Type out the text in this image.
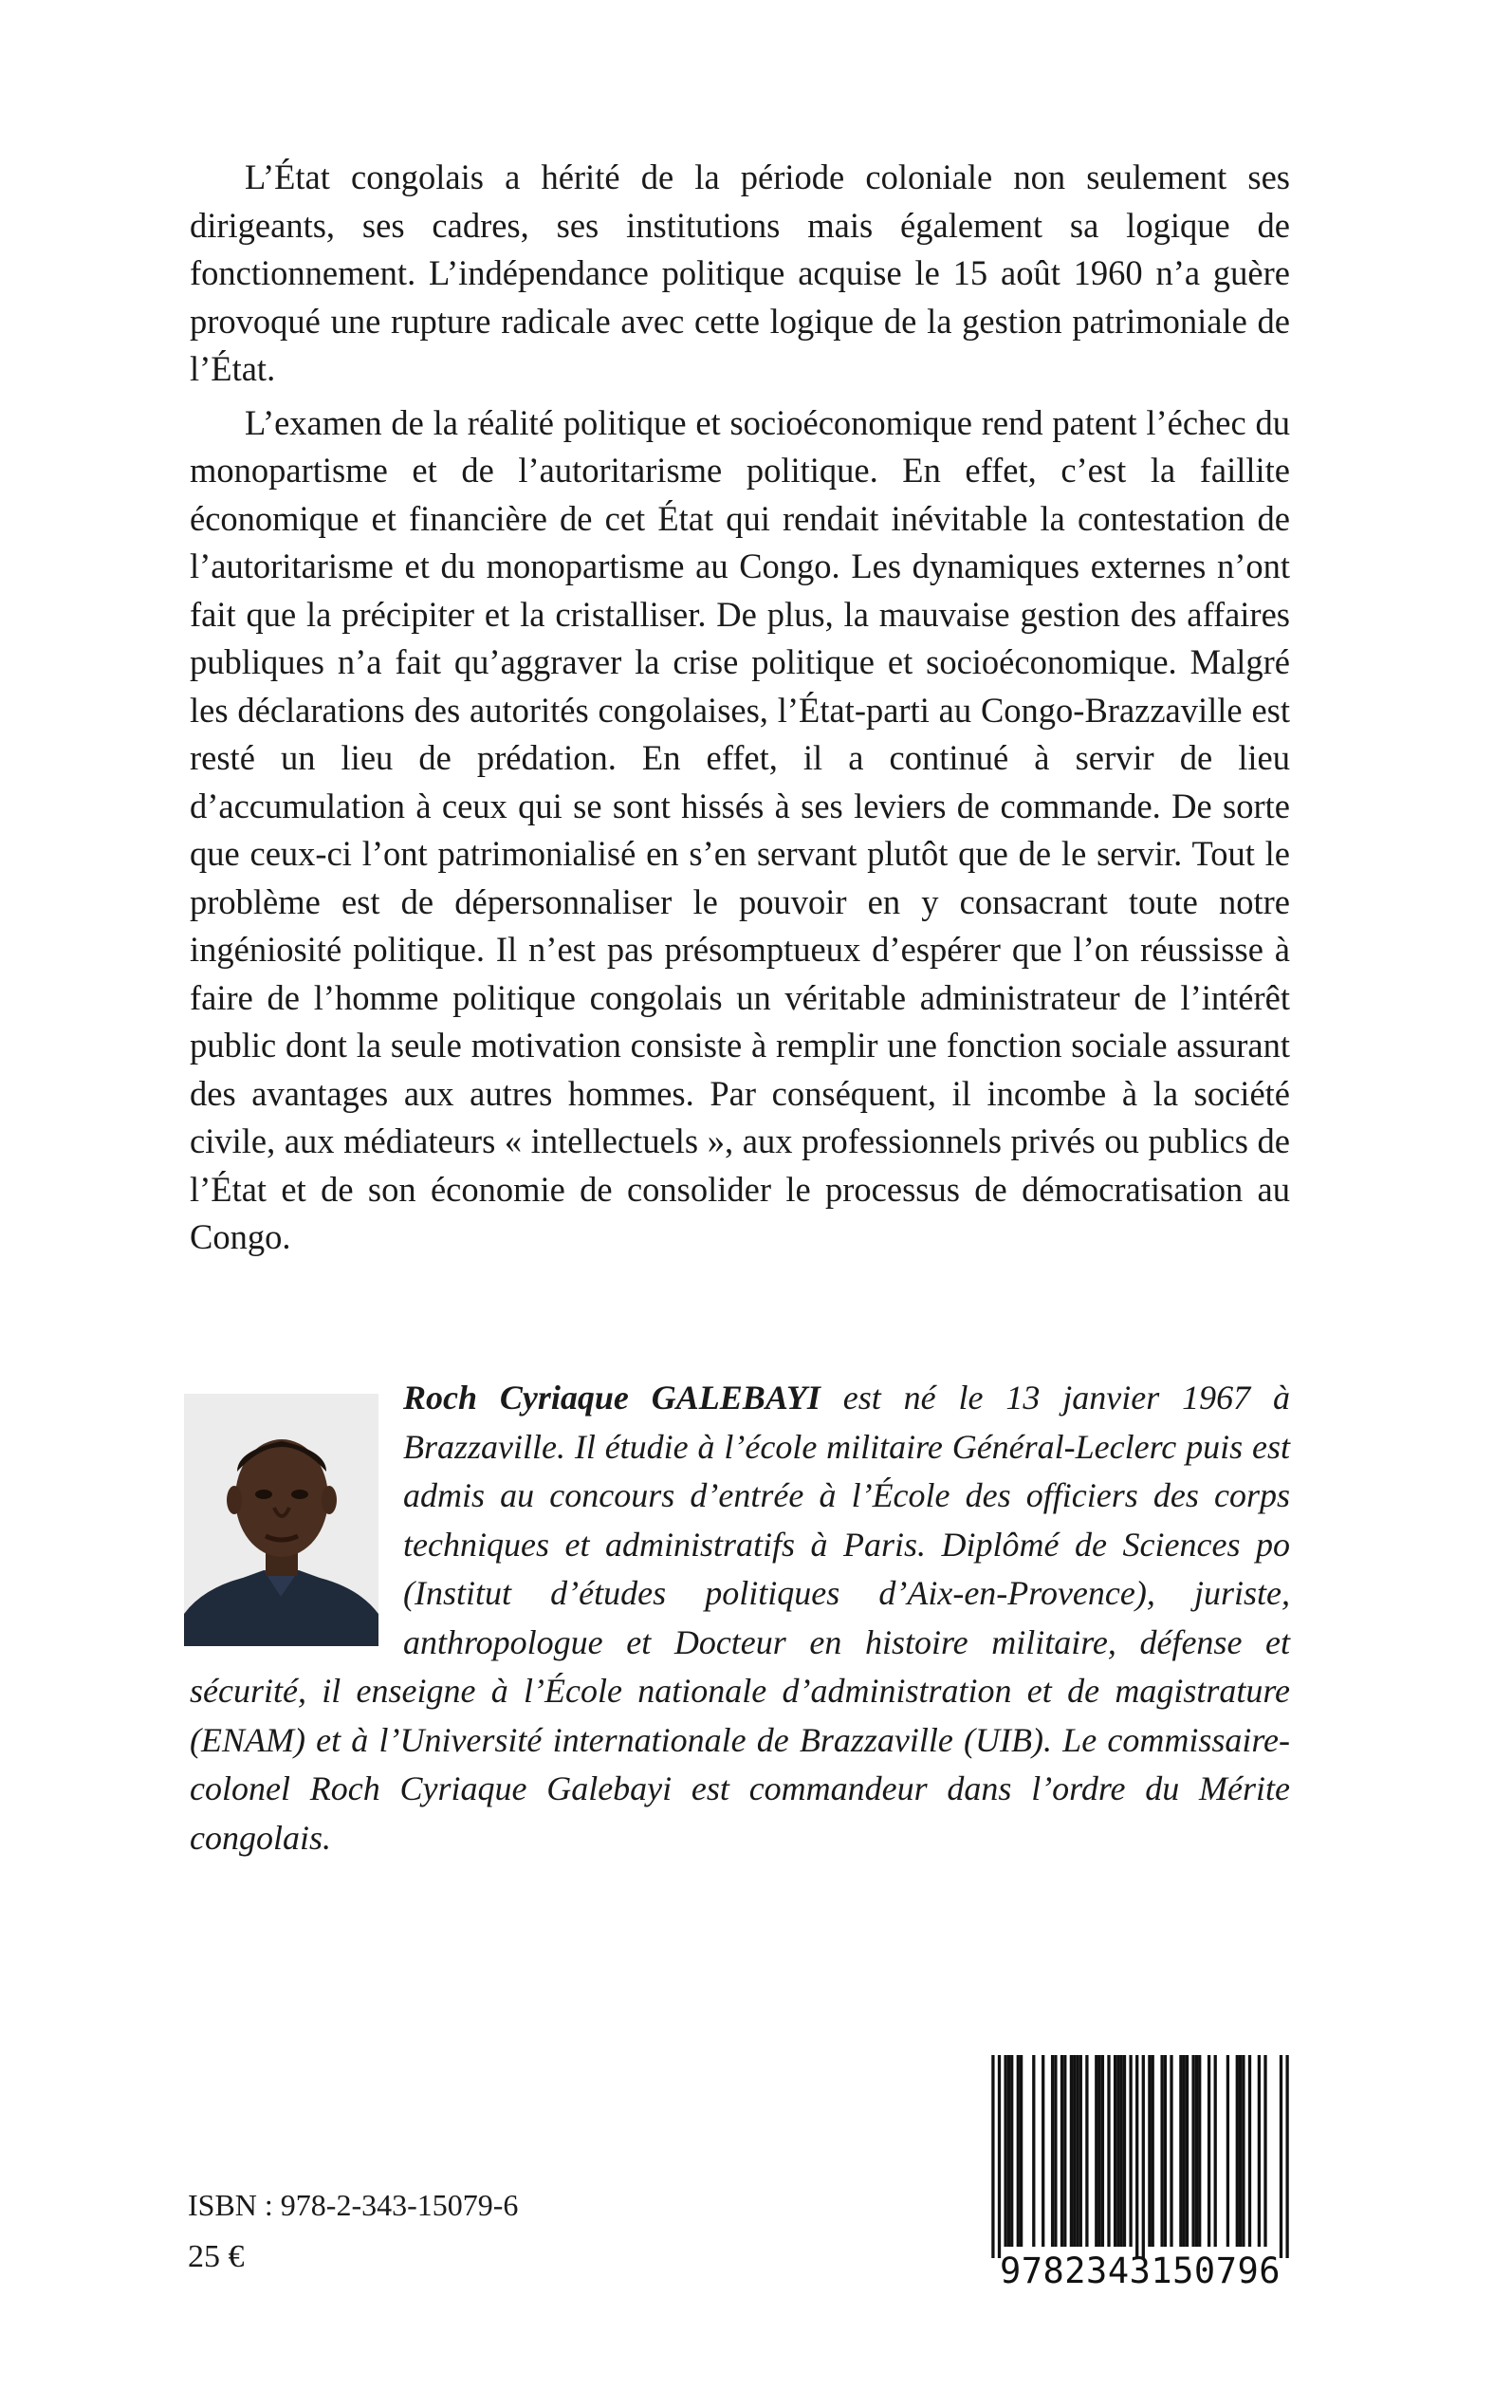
L’État congolais a hérité de la période coloniale non seulement ses dirigeants, ses cadres, ses institutions mais également sa logique de fonctionnement. L’indépendance politique acquise le 15 août 1960 n’a guère provoqué une rupture radicale avec cette logique de la gestion patrimoniale de l’État.

L’examen de la réalité politique et socioéconomique rend patent l’échec du monopartisme et de l’autoritarisme politique. En effet, c’est la faillite économique et financière de cet État qui rendait inévitable la contestation de l’autoritarisme et du monopartisme au Congo. Les dynamiques externes n’ont fait que la précipiter et la cristalliser. De plus, la mauvaise gestion des affaires publiques n’a fait qu’aggraver la crise politique et socioéconomique. Malgré les déclarations des autorités congolaises, l’État-parti au Congo-Brazzaville est resté un lieu de prédation. En effet, il a continué à servir de lieu d’accumulation à ceux qui se sont hissés à ses leviers de commande. De sorte que ceux-ci l’ont patrimonialisé en s’en servant plutôt que de le servir. Tout le problème est de dépersonnaliser le pouvoir en y consacrant toute notre ingéniosité politique. Il n’est pas présomptueux d’espérer que l’on réussisse à faire de l’homme politique congolais un véritable administrateur de l’intérêt public dont la seule motivation consiste à remplir une fonction sociale assurant des avantages aux autres hommes. Par conséquent, il incombe à la société civile, aux médiateurs « intellectuels », aux professionnels privés ou publics de l’État et de son économie de consolider le processus de démocratisation au Congo.

Roch Cyriaque GALEBAYI est né le 13 janvier 1967 à Brazzaville. Il étudie à l’école militaire Général-Leclerc puis est admis au concours d’entrée à l’École des officiers des corps techniques et administratifs à Paris. Diplômé de Sciences po (Institut d’études politiques d’Aix-en-Provence), juriste, anthropologue et Docteur en histoire militaire, défense et sécurité, il enseigne à l’École nationale d’administration et de magistrature (ENAM) et à l’Université internationale de Brazzaville (UIB). Le commissaire-colonel Roch Cyriaque Galebayi est commandeur dans l’ordre du Mérite congolais.
ISBN : 978-2-343-15079-6
25 €	9782343150796
